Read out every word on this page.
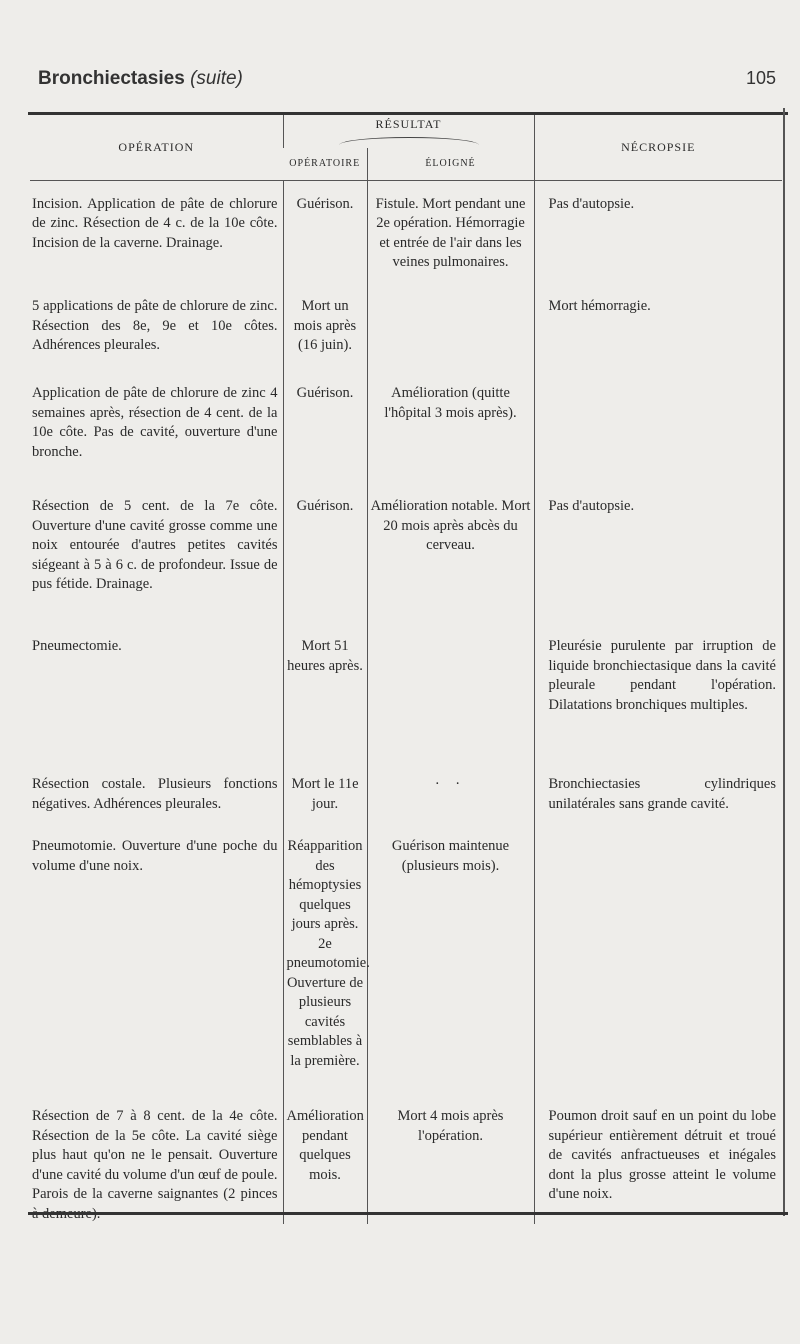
Bronchiectasies (suite)	105
OPÉRATION	RÉSULTAT		NÉCROPSIE
	OPÉRATOIRE	ÉLOIGNÉ	
Incision. Application de pâte de chlorure de zinc. Résection de 4 c. de la 10e côte. Incision de la caverne. Drainage.	Guérison.	Fistule. Mort pendant une 2e opération. Hémorragie et entrée de l'air dans les veines pulmonaires.	Pas d'autopsie.
5 applications de pâte de chlorure de zinc. Résection des 8e, 9e et 10e côtes. Adhérences pleurales.	Mort un mois après (16 juin).		Mort hémorragie.
Application de pâte de chlorure de zinc 4 semaines après, résection de 4 cent. de la 10e côte. Pas de cavité, ouverture d'une bronche.	Guérison.	Amélioration (quitte l'hôpital 3 mois après).	
Résection de 5 cent. de la 7e côte. Ouverture d'une cavité grosse comme une noix entourée d'autres petites cavités siégeant à 5 à 6 c. de profondeur. Issue de pus fétide. Drainage.	Guérison.	Amélioration notable. Mort 20 mois après abcès du cerveau.	Pas d'autopsie.
Pneumectomie.	Mort 51 heures après.		Pleurésie purulente par irruption de liquide bronchiectasique dans la cavité pleurale pendant l'opération. Dilatations bronchiques multiples.
Résection costale. Plusieurs fonctions négatives. Adhérences pleurales.	Mort le 11e jour.	· ·	Bronchiectasies cylindriques unilatérales sans grande cavité.
Pneumotomie. Ouverture d'une poche du volume d'une noix.	Réapparition des hémoptysies quelques jours après. 2e pneumotomie. Ouverture de plusieurs cavités semblables à la première.	Guérison maintenue (plusieurs mois).	
Résection de 7 à 8 cent. de la 4e côte. Résection de la 5e côte. La cavité siège plus haut qu'on ne le pensait. Ouverture d'une cavité du volume d'un œuf de poule. Parois de la caverne saignantes (2 pinces	Amélioration pendant quelques mois.	Mort 4 mois après l'opération.	Poumon droit sauf en un point du lobe supérieur entièrement détruit et troué de cavités anfractueuses et inégales dont la plus grosse atteint le volume d'une noix.
